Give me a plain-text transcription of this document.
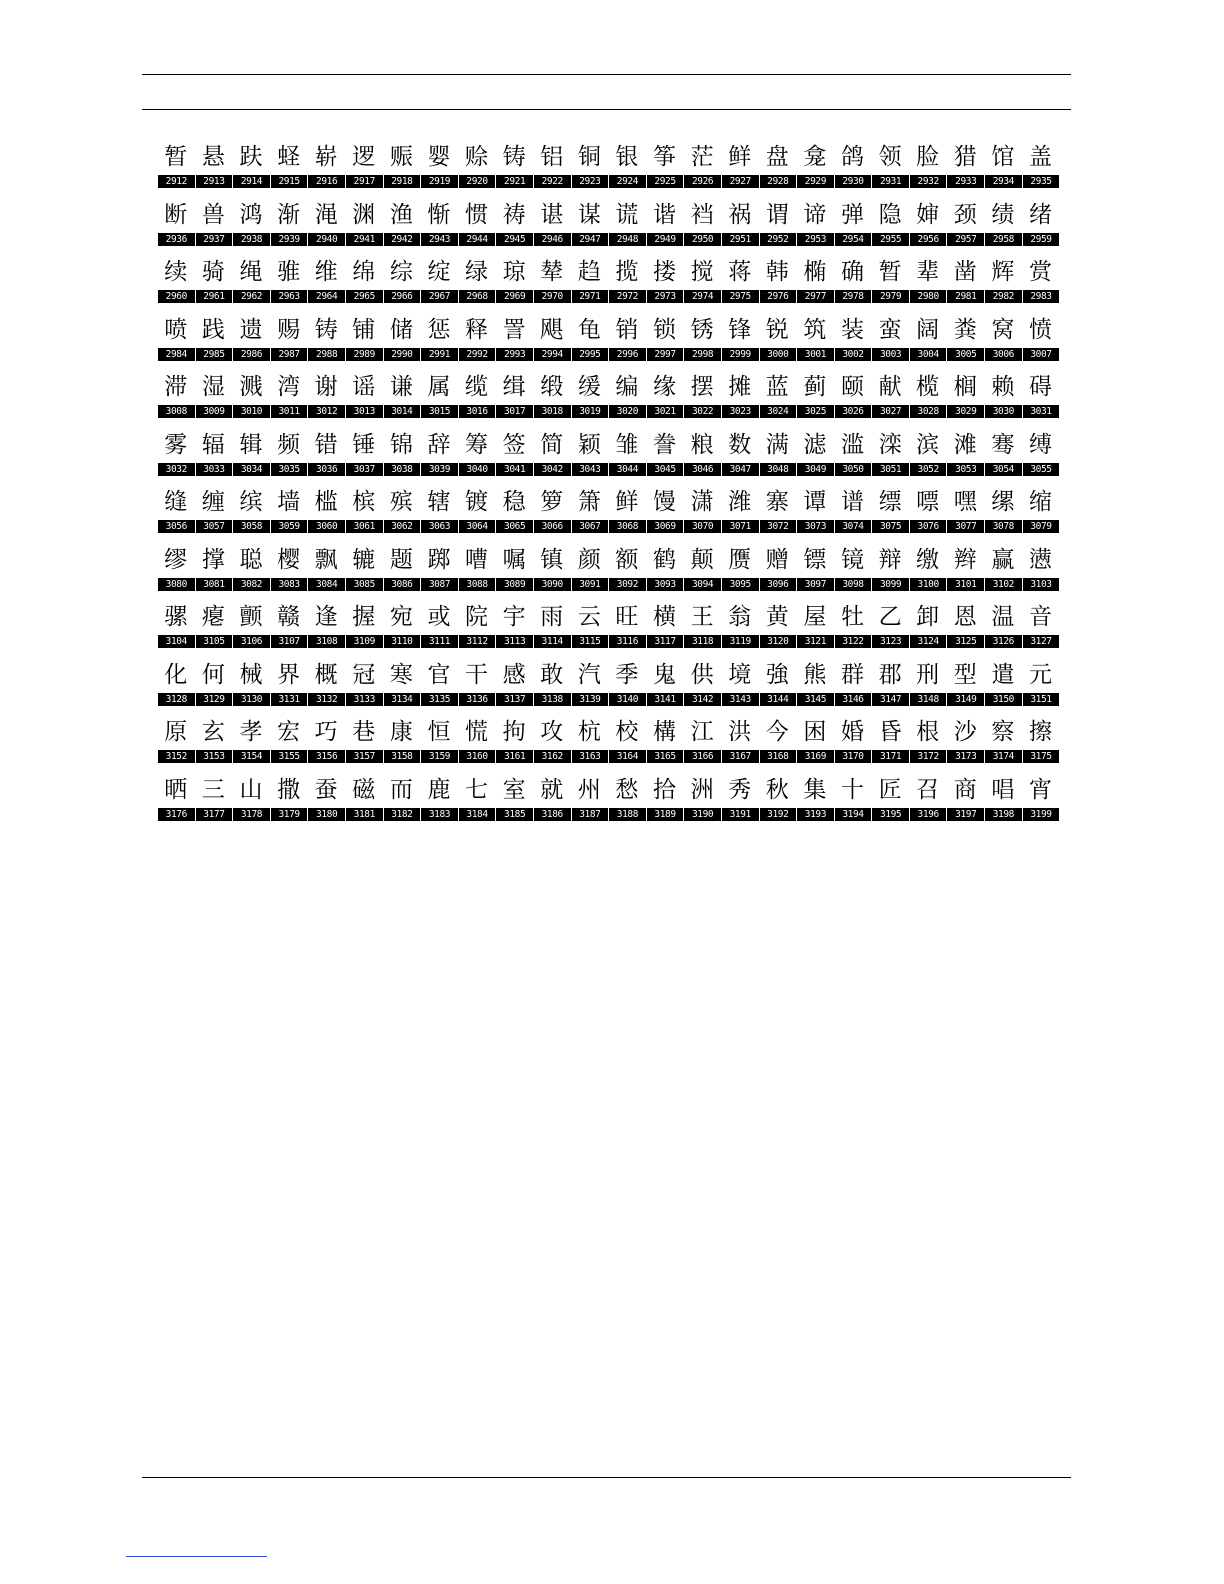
暂
2912
悬
2913
趺
2914
蛏
2915
崭
2916
逻
2917
赈
2918
婴
2919
赊
2920
铸
2921
铝
2922
铜
2923
银
2924
筝
2925
茫
2926
鲜
2927
盘
2928
龛
2929
鸽
2930
领
2931
脸
2932
猎
2933
馆
2934
盖
2935
断
2936
兽
2937
鸿
2938
渐
2939
渑
2940
渊
2941
渔
2942
惭
2943
惯
2944
祷
2945
谌
2946
谋
2947
谎
2948
谐
2949
裆
2950
祸
2951
谓
2952
谛
2953
弹
2954
隐
2955
婶
2956
颈
2957
绩
2958
绪
2959
续
2960
骑
2961
绳
2962
骓
2963
维
2964
绵
2965
综
2966
绽
2967
绿
2968
琼
2969
辇
2970
趋
2971
揽
2972
搂
2973
搅
2974
蒋
2975
韩
2976
椭
2977
确
2978
暂
2979
辈
2980
凿
2981
辉
2982
赏
2983
喷
2984
践
2985
遗
2986
赐
2987
铸
2988
铺
2989
储
2990
惩
2991
释
2992
詈
2993
飓
2994
龟
2995
销
2996
锁
2997
锈
2998
锋
2999
锐
3000
筑
3001
装
3002
蛮
3003
阔
3004
粪
3005
窝
3006
愤
3007
滞
3008
湿
3009
溅
3010
湾
3011
谢
3012
谣
3013
谦
3014
属
3015
缆
3016
缉
3017
缎
3018
缓
3019
编
3020
缘
3021
摆
3022
摊
3023
蓝
3024
蓟
3025
颐
3026
献
3027
榄
3028
榈
3029
赖
3030
碍
3031
雾
3032
辐
3033
辑
3034
频
3035
错
3036
锤
3037
锦
3038
辞
3039
筹
3040
签
3041
简
3042
颖
3043
雏
3044
誊
3045
粮
3046
数
3047
满
3048
滤
3049
滥
3050
滦
3051
滨
3052
滩
3053
骞
3054
缚
3055
缝
3056
缠
3057
缤
3058
墙
3059
槛
3060
槟
3061
殡
3062
辖
3063
镀
3064
稳
3065
箩
3066
箫
3067
鲜
3068
馒
3069
潇
3070
潍
3071
寨
3072
谭
3073
谱
3074
缥
3075
嘌
3076
嘿
3077
缧
3078
缩
3079
缪
3080
撑
3081
聪
3082
樱
3083
飘
3084
辘
3085
题
3086
踯
3087
嘈
3088
嘱
3089
镇
3090
颜
3091
额
3092
鹤
3093
颠
3094
赝
3095
赠
3096
镖
3097
镜
3098
辩
3099
缴
3100
辫
3101
赢
3102
懑
3103
骡
3104
瘪
3105
颤
3106
赣
3107
逢
3108
握
3109
宛
3110
或
3111
院
3112
宇
3113
雨
3114
云
3115
旺
3116
横
3117
王
3118
翁
3119
黄
3120
屋
3121
牡
3122
乙
3123
卸
3124
恩
3125
温
3126
音
3127
化
3128
何
3129
械
3130
界
3131
概
3132
冠
3133
寒
3134
官
3135
干
3136
感
3137
敢
3138
汽
3139
季
3140
鬼
3141
供
3142
境
3143
強
3144
熊
3145
群
3146
郡
3147
刑
3148
型
3149
遣
3150
元
3151
原
3152
玄
3153
孝
3154
宏
3155
巧
3156
巷
3157
康
3158
恒
3159
慌
3160
拘
3161
攻
3162
杭
3163
校
3164
構
3165
江
3166
洪
3167
今
3168
困
3169
婚
3170
昏
3171
根
3172
沙
3173
察
3174
擦
3175
晒
3176
三
3177
山
3178
撒
3179
蚕
3180
磁
3181
而
3182
鹿
3183
七
3184
室
3185
就
3186
州
3187
愁
3188
拾
3189
洲
3190
秀
3191
秋
3192
集
3193
十
3194
匠
3195
召
3196
商
3197
唱
3198
宵
3199
